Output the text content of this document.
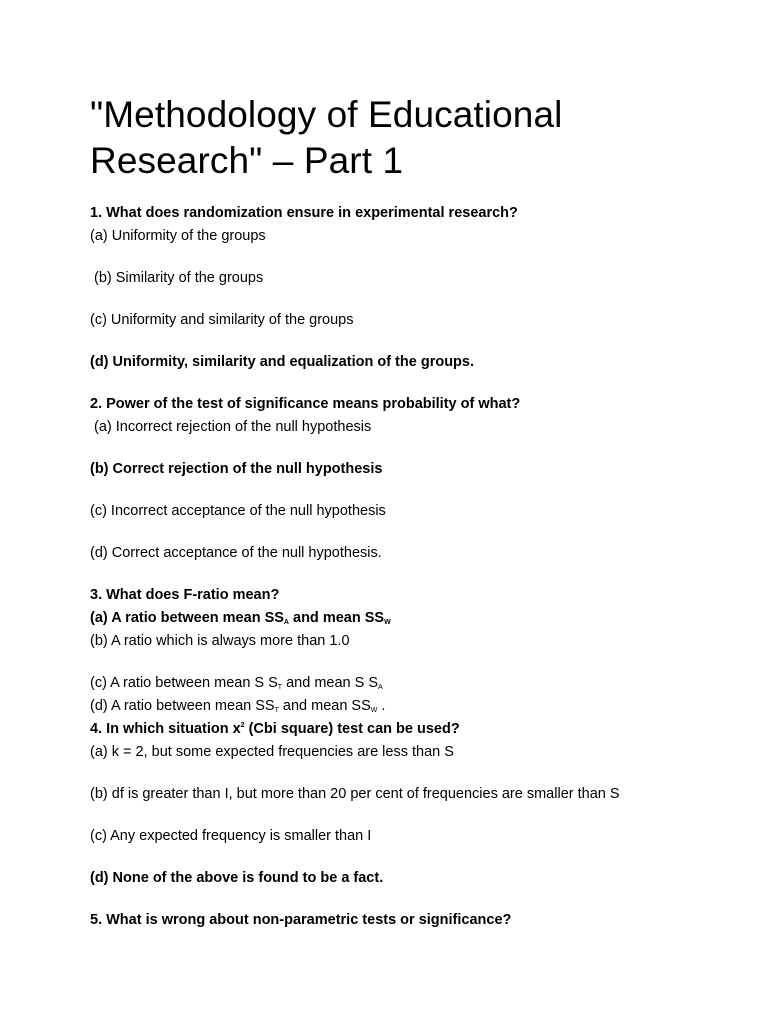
"Methodology of Educational Research" – Part 1
1. What does randomization ensure in experimental research?
(a) Uniformity of the groups
(b) Similarity of the groups
(c) Uniformity and similarity of the groups
(d) Uniformity, similarity and equalization of the groups.
2. Power of the test of significance means probability of what?
(a) Incorrect rejection of the null hypothesis
(b) Correct rejection of the null hypothesis
(c) Incorrect acceptance of the null hypothesis
(d) Correct acceptance of the null hypothesis.
3. What does F-ratio mean?
(a) A ratio between mean $SS_A$ and mean $SS_W$
(b) A ratio which is always more than 1.0
(c) A ratio between mean S $S_T$ and mean S $S_A$
(d) A ratio between mean $SS_T$ and mean $SS_W$ .
4. In which situation $x^2$ (Cbi square) test can be used?
(a) k = 2, but some expected frequencies are less than S
(b) df is greater than I, but more than 20 per cent of frequencies are smaller than S
(c) Any expected frequency is smaller than I
(d) None of the above is found to be a fact.
5. What is wrong about non-parametric tests or significance?
